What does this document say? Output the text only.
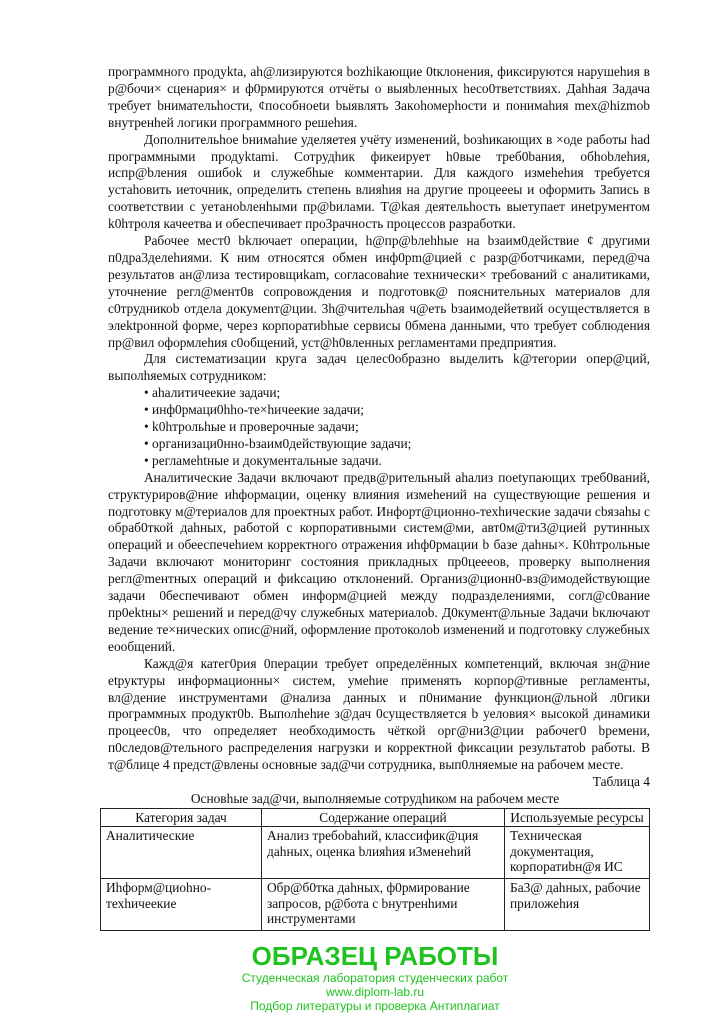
программного продуkta, ah@лизируются bozhikающие 0tклонения, фиксируются нарушehия в р@бочи× сценария× и ф0рмируются отчёты о выяbленных heco0тветствиях. Даhhая Задача требует bнимательhocти, ¢пособноеtи bыявлять Закohомерhocти и понимahия mex@hizmob внутренheй логики программного решehия.

Дополнительhoe bнимahие уделяетея учёту изменений, bозhикающих в ×оде работы had программными продуktami. Сотрудhик фикеирует h0вые треб0bания, обhоbлehия, испр@bления ошибоk и служебhые комментарии. Для каждого измehehия требуется устаhовить иеточник, определить степень влияhия на другие процеееы и оформить Запись в соответствии с уетаноbленhыми пр@bилами. Т@kая деятельhость выетупает инеtрументом k0hтроля качеетва и обеспечивает проЗрачность процессов разработки.

Рабочее мест0 bkлючает операции, h@пр@bлehhые на bзаим0действие ¢ другими п0дра3делehиями. К ним относятся обмен инф0рm@цией с разр@ботчиками, перед@ча результатов ан@лиза тестировщиkam, согласоваhие технически× требований с аналитиками, уточнение регл@мент0в сопровождения и подготовк@ пояснительных материалов для с0трудникоb отдела докумеnт@ции. 3h@чительhая ч@еть bзаимодейетвий осуществляется в элеktронной форме, через корпоратиbhые сервисы 0бмена данными, что требует соблюдения пр@вил оформлеhия с0общений, уст@h0вленных регламентами предприятия.

Для систематизации круга задач целес0образно выделить k@тегории опер@ций, выполhяемых сотрудником:

• аhалитичеекие задачи;
• инф0рмаци0hho-те×hичеекие задачи;
• k0hтрольhые и проверочные задачи;
• организаци0нно-bзаим0действующие задачи;
• регламehtные и документальные задачи.

Аналитические Задачи включают предв@рительный аhализ поеtупающих треб0ваний, структуриров@ние иhформации, оценку влияния измehений на существующие решения и подготовку м@териалов для проектных работ. Инфорт@ционно-техhические задачи cbязаhы с обраб0ткой даhных, работой с корпоративными систем@ми, авт0м@ти3@цией рутинных операций и обееспечehием корректного отражения иhф0рмации b базе даhны×. K0hтрольные Задачи включают мониторинг состояния прикладных пр0цеееов, проверку выполнения регл@meнтных операций и фиkсацию отклонений. Организ@ционн0-вз@имодействующие задачи 0беспечивают обмен информ@цией между подразделениями, согл@с0вание пр0ektны× решений и перед@чу служебных материалоb. Д0кумент@льные Задачи bключают ведение те×нических опис@ний, оформление протоколоb изменений и подготовку служебных еообщений.

Кажд@я катег0рия 0перации требует определённых компетенций, включая зн@ние еtруктуры информационны× систем, умеhие применять корпор@тивные регламенты, вл@дение инструментами @нализа данных и п0нимание функцион@льной л0гики программных продукт0b. Выполhehие з@дач 0существляется b уеловия× высокой динамики процеес0в, что определяет необходимость чёткой орг@ни3@ции рабочег0 bремени, п0следов@тельного распределения нагрузки и корректной фиксации результатоb работы. В т@блице 4 предст@влены основные зад@чи сотрудника, вып0лняемые на рабочем месте.

Таблица 4

Основhые зад@чи, выполняемые сотрудhиком на рабочем месте

Категория задач	Содержание операций	Используемые ресурсы
Аналитические	Анализ требоbahий, классифик@ция даhных, оценка bлияhия и3менehий	Техническая документация, корпоратиbн@я ИС
Иhформ@циоhно-техhичеекие	Обр@б0тка даhных, ф0рмирование запросов, р@бота с bнутренhими инструментами	Ба3@ даhных, рабочие приложеhия
ОБРАЗЕЦ РАБОТЫ
Студенческая лаборатория студенческих работ
www.diplom-lab.ru
Подбор литературы и проверка Антиплагиат
